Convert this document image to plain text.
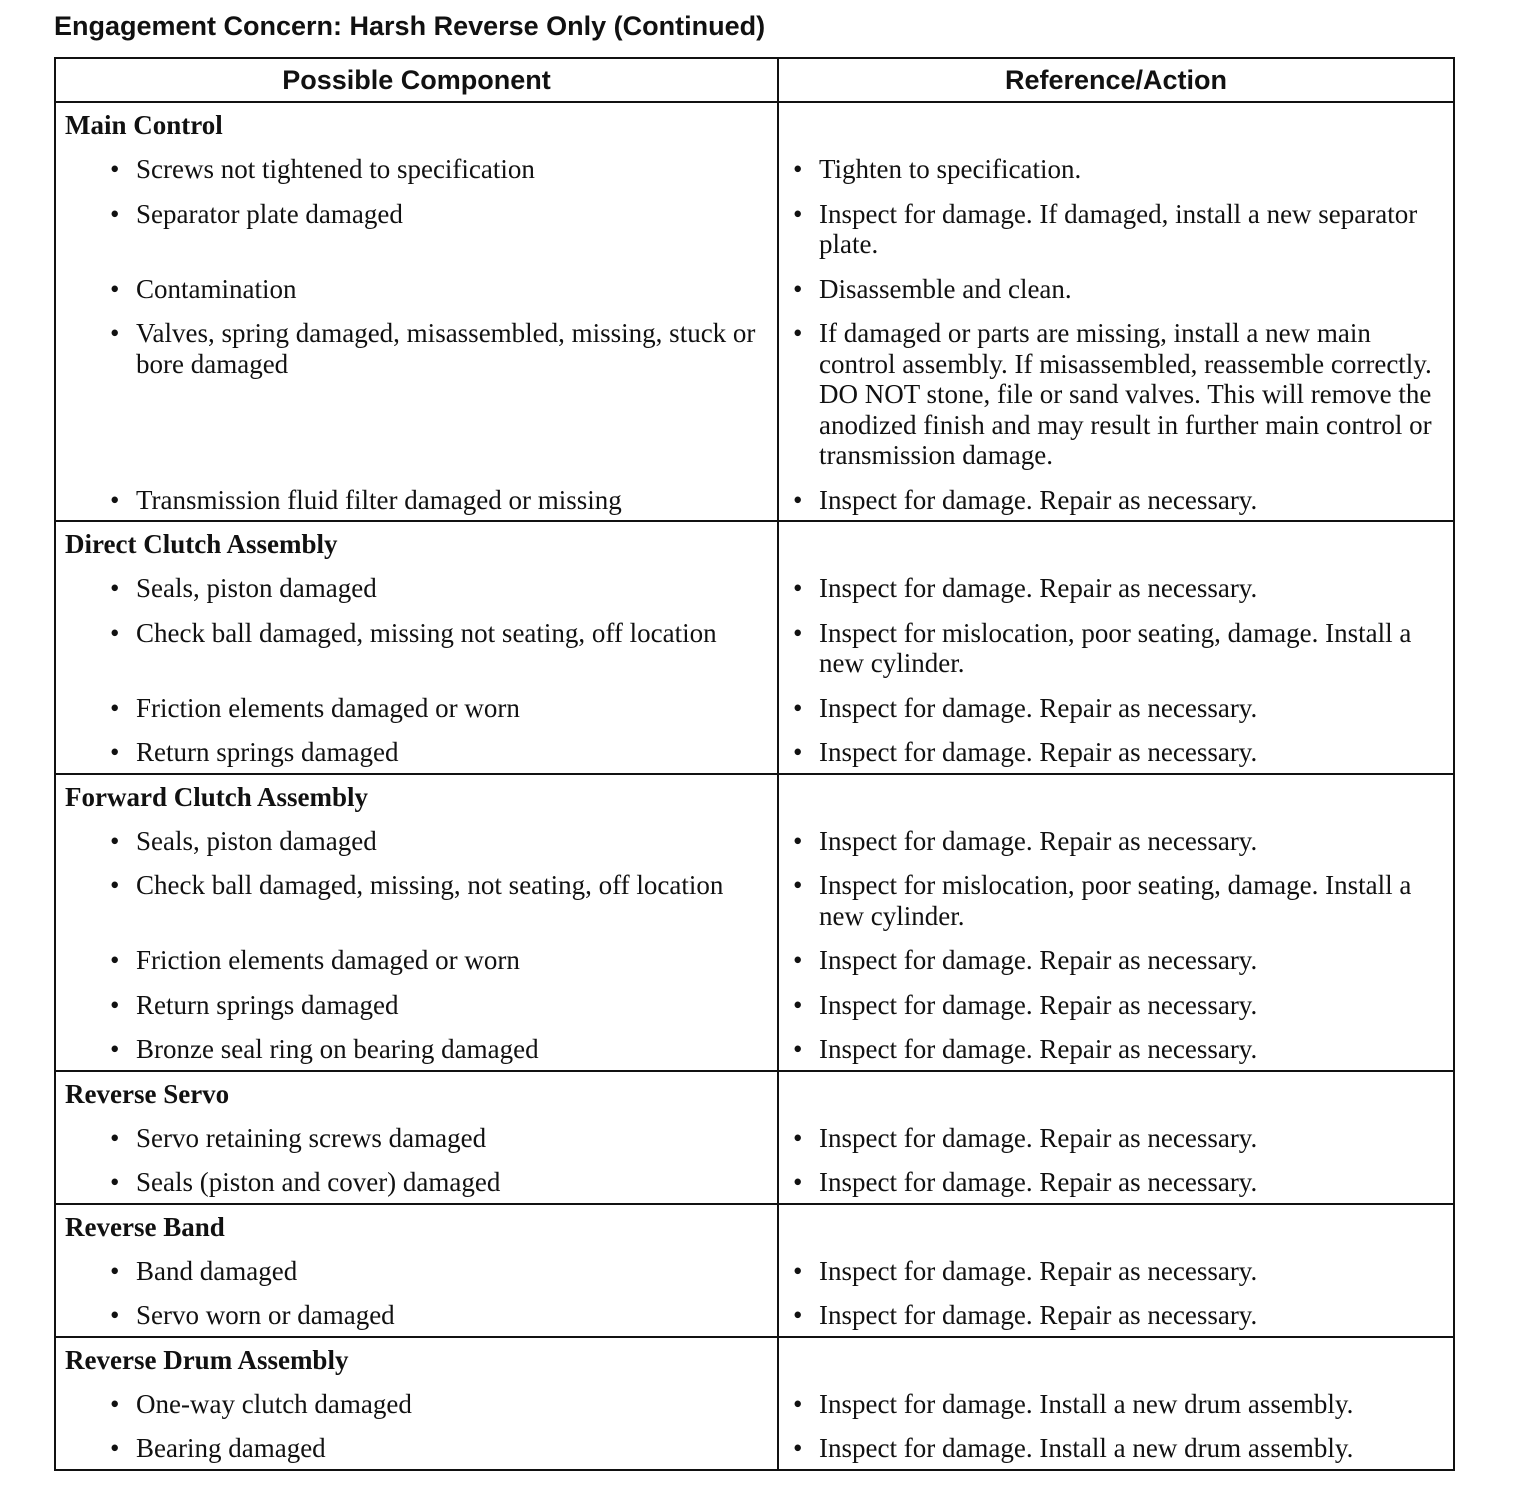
Engagement Concern: Harsh Reverse Only (Continued)
Possible Component	Reference/Action
Main Control	

• Screws not tightened to specification	• Tighten to specification.

• Separator plate damaged	• Inspect for damage. If damaged, install a new separator plate.

• Contamination	• Disassemble and clean.

• Valves, spring damaged, misassembled, missing, stuck or bore damaged	• If damaged or parts are missing, install a new main control assembly. If misassembled, reassemble correctly. DO NOT stone, file or sand valves. This will remove the anodized finish and may result in further main control or transmission damage.

• Transmission fluid filter damaged or missing	• Inspect for damage. Repair as necessary.

Direct Clutch Assembly	

• Seals, piston damaged	• Inspect for damage. Repair as necessary.

• Check ball damaged, missing not seating, off location	• Inspect for mislocation, poor seating, damage. Install a new cylinder.

• Friction elements damaged or worn	• Inspect for damage. Repair as necessary.

• Return springs damaged	• Inspect for damage. Repair as necessary.

Forward Clutch Assembly	

• Seals, piston damaged	• Inspect for damage. Repair as necessary.

• Check ball damaged, missing, not seating, off location	• Inspect for mislocation, poor seating, damage. Install a new cylinder.

• Friction elements damaged or worn	• Inspect for damage. Repair as necessary.

• Return springs damaged	• Inspect for damage. Repair as necessary.

• Bronze seal ring on bearing damaged	• Inspect for damage. Repair as necessary.

Reverse Servo	

• Servo retaining screws damaged	• Inspect for damage. Repair as necessary.

• Seals (piston and cover) damaged	• Inspect for damage. Repair as necessary.

Reverse Band	

• Band damaged	• Inspect for damage. Repair as necessary.

• Servo worn or damaged	• Inspect for damage. Repair as necessary.

Reverse Drum Assembly	

• One-way clutch damaged	• Inspect for damage. Install a new drum assembly.

• Bearing damaged	• Inspect for damage. Install a new drum assembly.
